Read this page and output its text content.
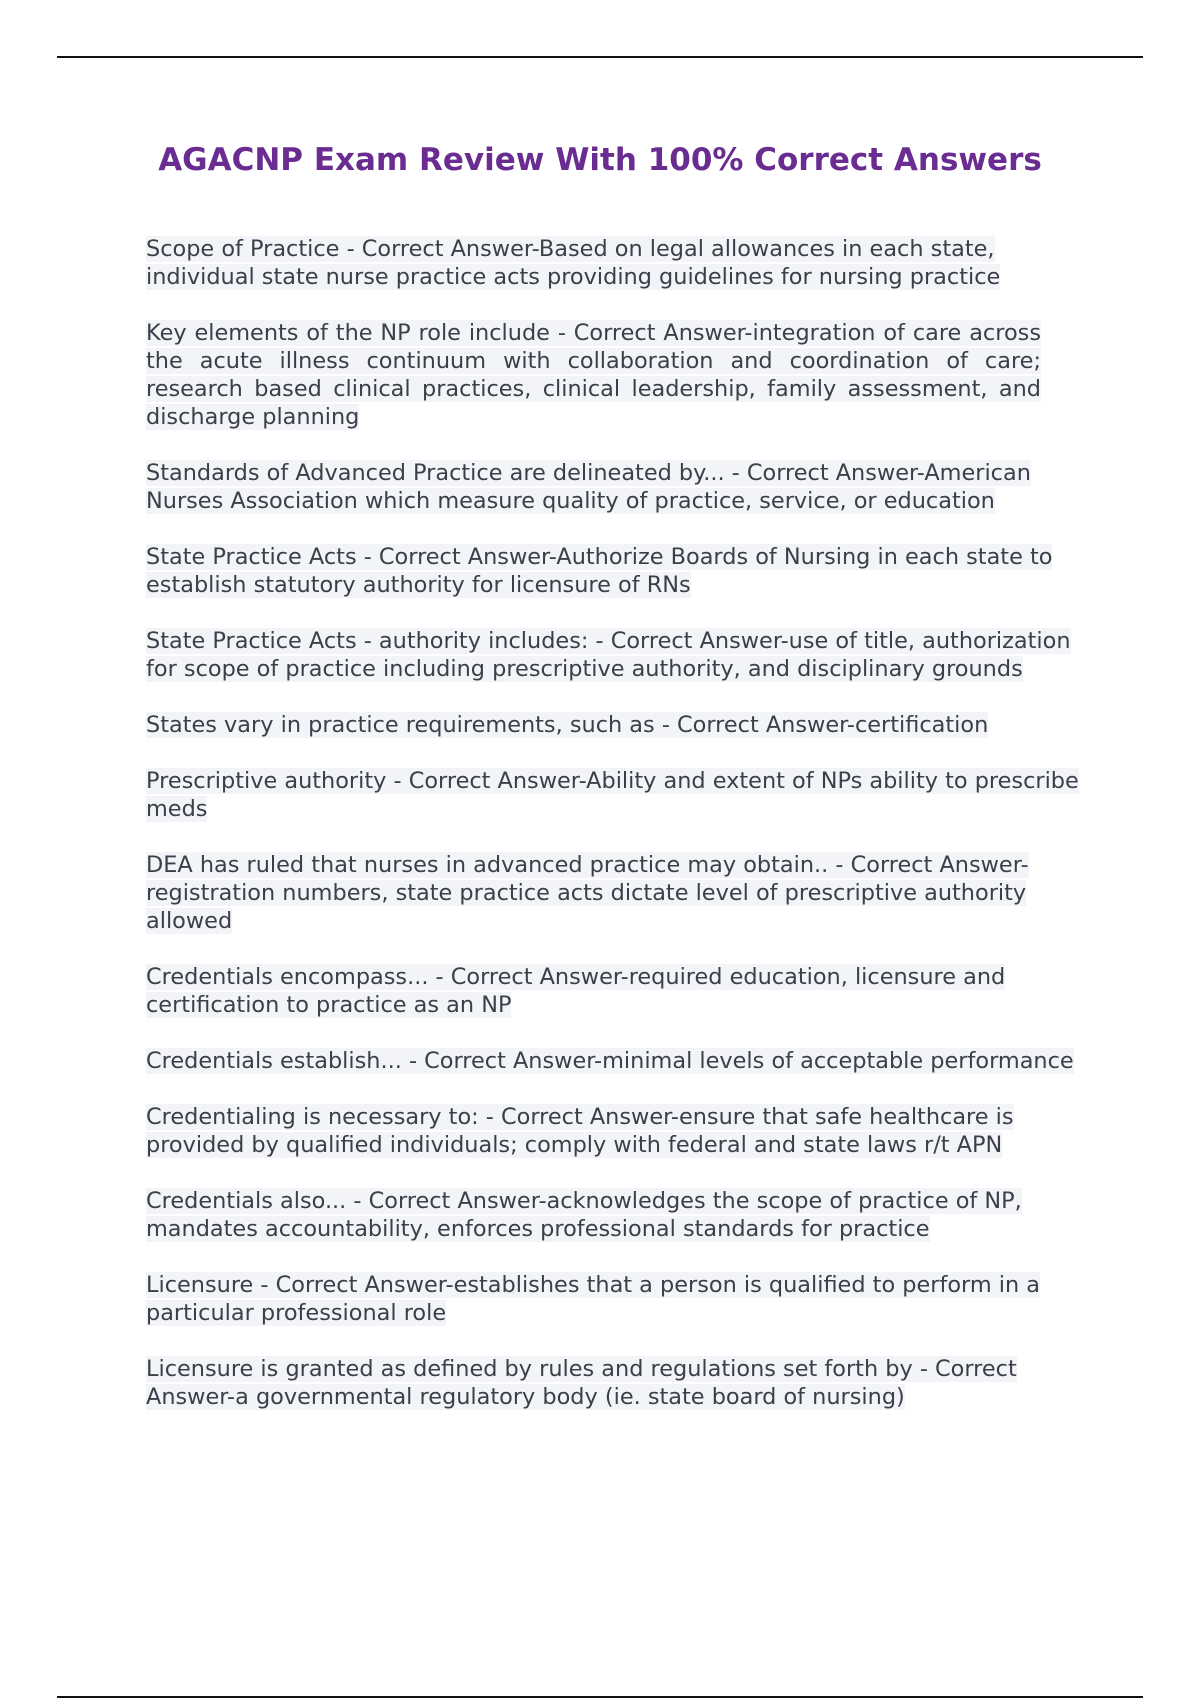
AGACNP Exam Review With 100% Correct Answers

Scope of Practice - Correct Answer-Based on legal allowances in each state, individual state nurse practice acts providing guidelines for nursing practice

Key elements of the NP role include - Correct Answer-integration of care across the acute illness continuum with collaboration and coordination of care; research based clinical practices, clinical leadership, family assessment, and discharge planning

Standards of Advanced Practice are delineated by... - Correct Answer-American Nurses Association which measure quality of practice, service, or education

State Practice Acts - Correct Answer-Authorize Boards of Nursing in each state to establish statutory authority for licensure of RNs

State Practice Acts - authority includes: - Correct Answer-use of title, authorization for scope of practice including prescriptive authority, and disciplinary grounds

States vary in practice requirements, such as - Correct Answer-certification

Prescriptive authority - Correct Answer-Ability and extent of NPs ability to prescribe meds

DEA has ruled that nurses in advanced practice may obtain.. - Correct Answer- registration numbers, state practice acts dictate level of prescriptive authority allowed

Credentials encompass... - Correct Answer-required education, licensure and certification to practice as an NP

Credentials establish... - Correct Answer-minimal levels of acceptable performance

Credentialing is necessary to: - Correct Answer-ensure that safe healthcare is provided by qualified individuals; comply with federal and state laws r/t APN

Credentials also... - Correct Answer-acknowledges the scope of practice of NP, mandates accountability, enforces professional standards for practice

Licensure - Correct Answer-establishes that a person is qualified to perform in a particular professional role

Licensure is granted as defined by rules and regulations set forth by - Correct Answer-a governmental regulatory body (ie. state board of nursing)
